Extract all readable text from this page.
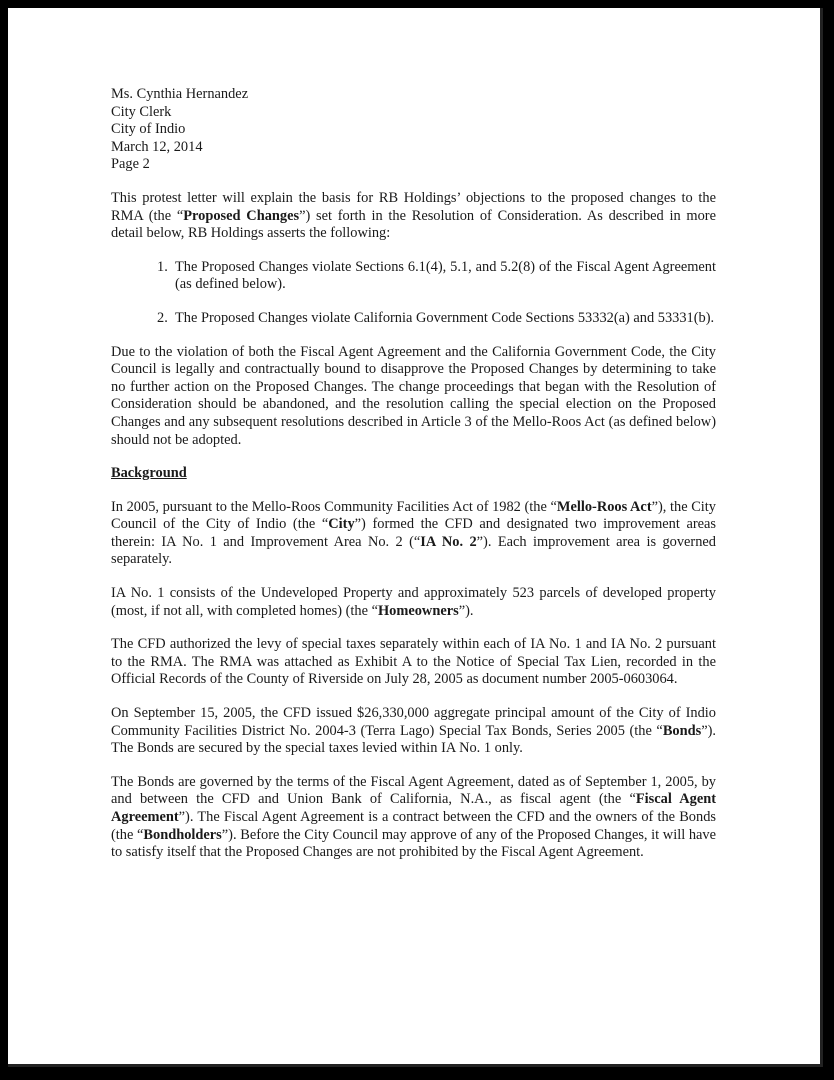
Ms. Cynthia Hernandez
City Clerk
City of Indio
March 12, 2014
Page 2

This protest letter will explain the basis for RB Holdings’ objections to the proposed changes to the RMA (the “Proposed Changes”) set forth in the Resolution of Consideration. As described in more detail below, RB Holdings asserts the following:

1. The Proposed Changes violate Sections 6.1(4), 5.1, and 5.2(8) of the Fiscal Agent Agreement (as defined below).
2. The Proposed Changes violate California Government Code Sections 53332(a) and 53331(b).

Due to the violation of both the Fiscal Agent Agreement and the California Government Code, the City Council is legally and contractually bound to disapprove the Proposed Changes by determining to take no further action on the Proposed Changes. The change proceedings that began with the Resolution of Consideration should be abandoned, and the resolution calling the special election on the Proposed Changes and any subsequent resolutions described in Article 3 of the Mello-Roos Act (as defined below) should not be adopted.

Background

In 2005, pursuant to the Mello-Roos Community Facilities Act of 1982 (the “Mello-Roos Act”), the City Council of the City of Indio (the “City”) formed the CFD and designated two improvement areas therein: IA No. 1 and Improvement Area No. 2 (“IA No. 2”). Each improvement area is governed separately.

IA No. 1 consists of the Undeveloped Property and approximately 523 parcels of developed property (most, if not all, with completed homes) (the “Homeowners”).

The CFD authorized the levy of special taxes separately within each of IA No. 1 and IA No. 2 pursuant to the RMA. The RMA was attached as Exhibit A to the Notice of Special Tax Lien, recorded in the Official Records of the County of Riverside on July 28, 2005 as document number 2005-0603064.

On September 15, 2005, the CFD issued $26,330,000 aggregate principal amount of the City of Indio Community Facilities District No. 2004-3 (Terra Lago) Special Tax Bonds, Series 2005 (the “Bonds”). The Bonds are secured by the special taxes levied within IA No. 1 only.

The Bonds are governed by the terms of the Fiscal Agent Agreement, dated as of September 1, 2005, by and between the CFD and Union Bank of California, N.A., as fiscal agent (the “Fiscal Agent Agreement”). The Fiscal Agent Agreement is a contract between the CFD and the owners of the Bonds (the “Bondholders”). Before the City Council may approve of any of the Proposed Changes, it will have to satisfy itself that the Proposed Changes are not prohibited by the Fiscal Agent Agreement.
